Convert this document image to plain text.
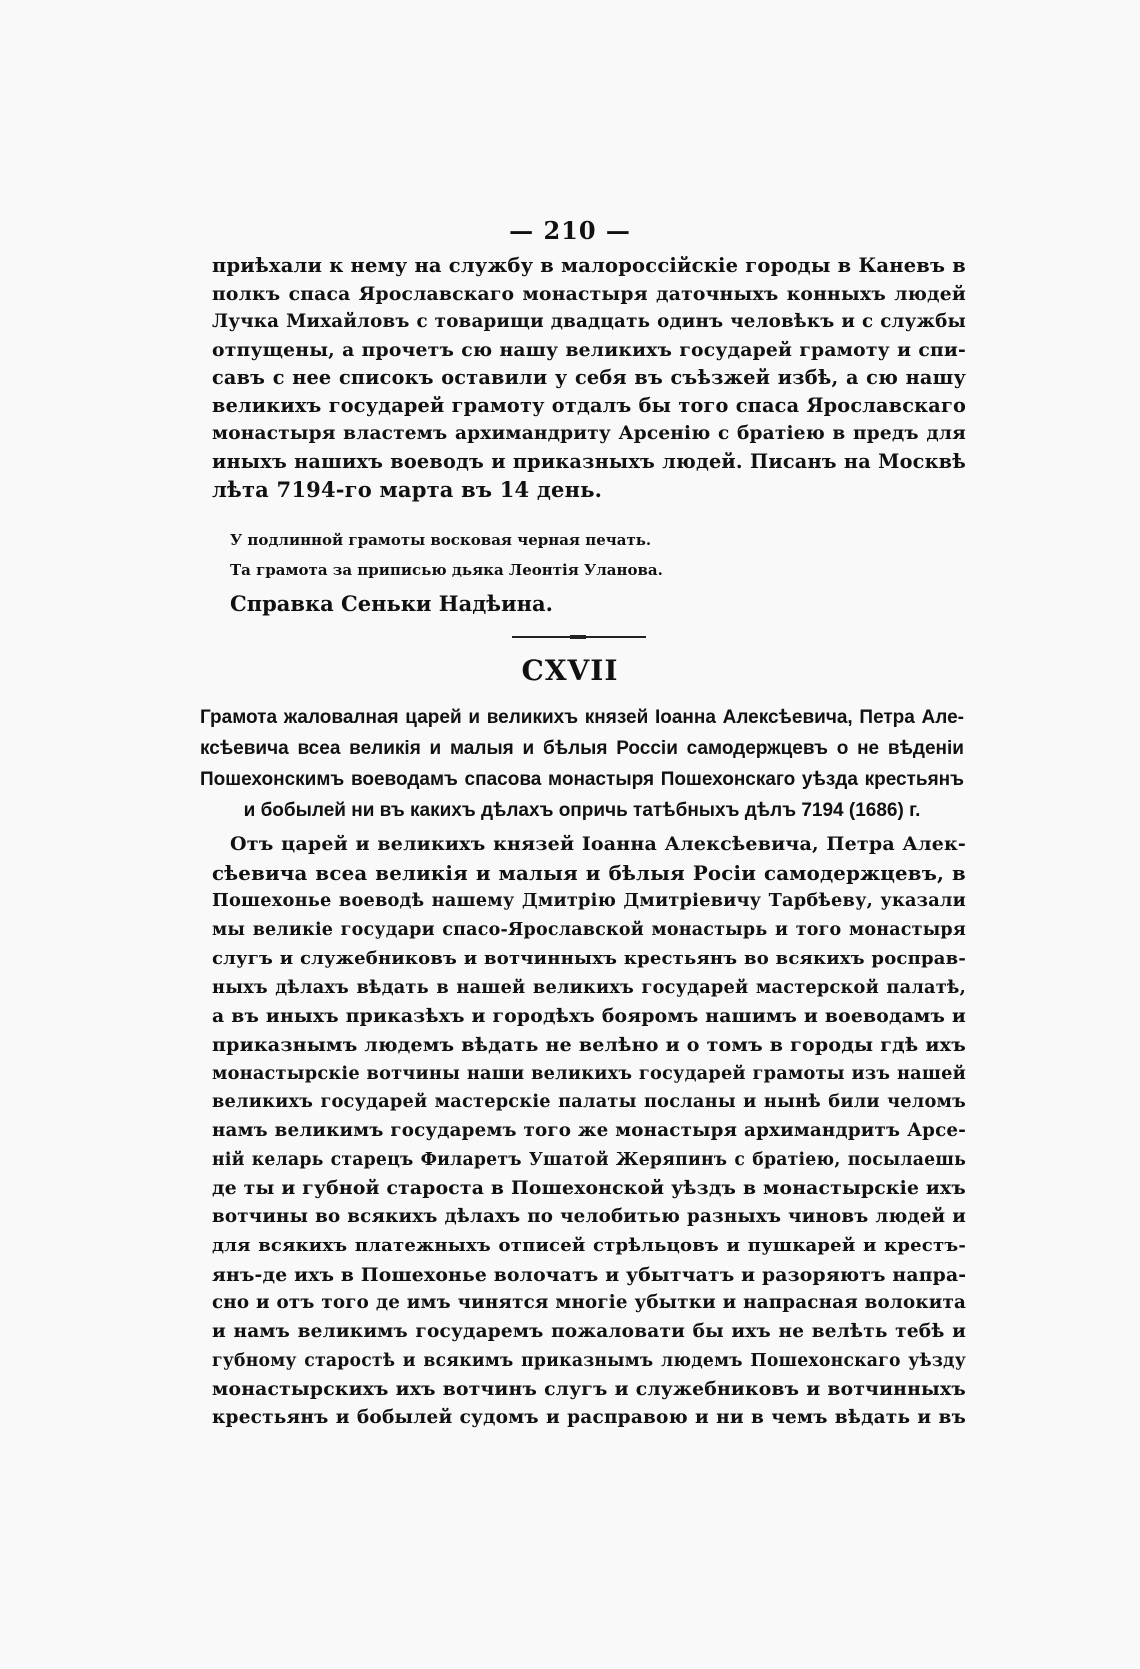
— 210 —
приѣхали к нему на службу в малороссійскіе городы в Каневъ в
полкъ спаса Ярославскаго монастыря даточныхъ конныхъ людей
Лучка Михайловъ с товарищи двадцать одинъ человѣкъ и с службы
отпущены, а прочетъ сю нашу великихъ государей грамоту и спи-
савъ с нее списокъ оставили у себя въ съѣзжей избѣ, а сю нашу
великихъ государей грамоту отдалъ бы того спаса Ярославскаго
монастыря властемъ архимандриту Арсенію с братіею в предъ для
иныхъ нашихъ воеводъ и приказныхъ людей. Писанъ на Москвѣ
лѣта 7194-го марта въ 14 день.
У подлинной грамоты восковая черная печать.
Та грамота за приписью дьяка Леонтія Уланова.
Справка Сеньки Надѣина.
CXVII
Грамота жаловалная царей и великихъ князей Іоанна Алексѣевича, Петра Але-
ксѣевича всеа великія и малыя и бѣлыя Россіи самодержцевъ о не вѣденіи
Пошехонскимъ воеводамъ спасова монастыря Пошехонскаго уѣзда крестьянъ
и бобылей ни въ какихъ дѣлахъ опричь татѣбныхъ дѣлъ 7194 (1686) г.
Отъ царей и великихъ князей Іоанна Алексѣевича, Петра Алек-
сѣевича всеа великія и малыя и бѣлыя Росіи самодержцевъ, в
Пошехонье воеводѣ нашему Дмитрію Дмитріевичу Тарбѣеву, указали
мы великіе государи спасо-Ярославской монастырь и того монастыря
слугъ и служебниковъ и вотчинныхъ крестьянъ во всякихъ росправ-
ныхъ дѣлахъ вѣдать в нашей великихъ государей мастерской палатѣ,
а въ иныхъ приказѣхъ и городѣхъ бояромъ нашимъ и воеводамъ и
приказнымъ людемъ вѣдать не велѣно и о томъ в городы гдѣ ихъ
монастырскіе вотчины наши великихъ государей грамоты изъ нашей
великихъ государей мастерскіе палаты посланы и нынѣ били челомъ
намъ великимъ государемъ того же монастыря архимандритъ Арсе-
ній келарь старецъ Филаретъ Ушатой Жеряпинъ с братіею, посылаешь
де ты и губной староста в Пошехонской уѣздъ в монастырскіе ихъ
вотчины во всякихъ дѣлахъ по челобитью разныхъ чиновъ людей и
для всякихъ платежныхъ отписей стрѣльцовъ и пушкарей и крестъ-
янъ-де ихъ в Пошехонье волочатъ и убытчатъ и разоряютъ напра-
сно и отъ того де имъ чинятся многіе убытки и напрасная волокита
и намъ великимъ государемъ пожаловати бы ихъ не велѣть тебѣ и
губному старостѣ и всякимъ приказнымъ людемъ Пошехонскаго уѣзду
монастырскихъ ихъ вотчинъ слугъ и служебниковъ и вотчинныхъ
крестьянъ и бобылей судомъ и расправою и ни в чемъ вѣдать и въ
